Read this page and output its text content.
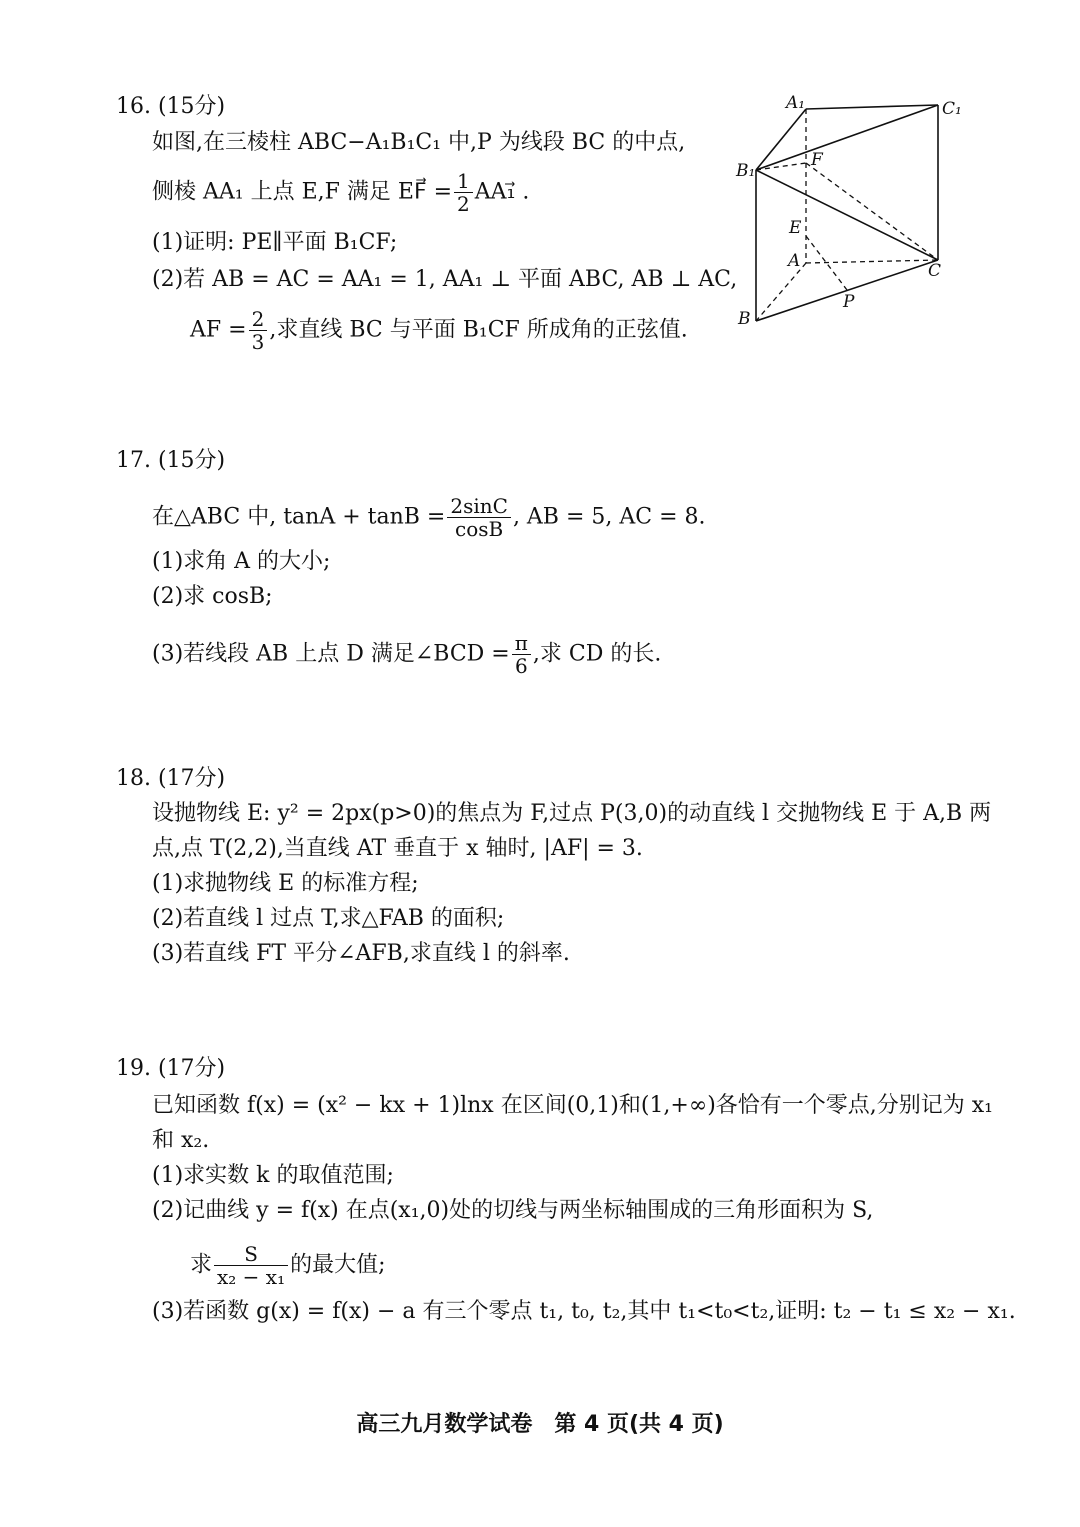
16. (15分)
如图,在三棱柱 ABC−A₁B₁C₁ 中,P 为线段 BC 的中点,
侧棱 AA₁ 上点 E,F 满足 EF⃗ = $\frac{1}{2}$ AA₁⃗ .
(1)证明: PE∥平面 B₁CF;
(2)若 AB = AC = AA₁ = 1, AA₁ ⊥ 平面 ABC, AB ⊥ AC,
AF = $\frac{2}{3}$ ,求直线 BC 与平面 B₁CF 所成角的正弦值.
A₁	C₁
B₁
F
E
A	C
P
B
17. (15分)
在△ABC 中, $\tan A + \tan B = \frac{2\sin C}{\cos B}$ , AB = 5, AC = 8.
(1)求角 A 的大小;
(2)求 cosB;
(3)若线段 AB 上点 D 满足∠BCD = $\frac{\pi}{6}$ ,求 CD 的长.
18. (17分)
设抛物线 E: y² = 2px(p>0)的焦点为 F,过点 P(3,0)的动直线 l 交抛物线 E 于 A,B 两
点,点 T(2,2),当直线 AT 垂直于 x 轴时, |AF| = 3.
(1)求抛物线 E 的标准方程;
(2)若直线 l 过点 T,求△FAB 的面积;
(3)若直线 FT 平分∠AFB,求直线 l 的斜率.
19. (17分)
已知函数 f(x) = (x² − kx + 1)lnx 在区间(0,1)和(1,+∞)各恰有一个零点,分别记为 x₁
和 x₂.
(1)求实数 k 的取值范围;
(2)记曲线 y = f(x) 在点(x₁,0)处的切线与两坐标轴围成的三角形面积为 S,
求 $\frac{S}{\text{x₂ − x₁}}$ 的最大值;
(3)若函数 g(x) = f(x) − a 有三个零点 t₁, t₀, t₂,其中 t₁<t₀<t₂,证明: t₂ − t₁ ≤ x₂ − x₁.
高三九月数学试卷　第 4 页(共 4 页)
